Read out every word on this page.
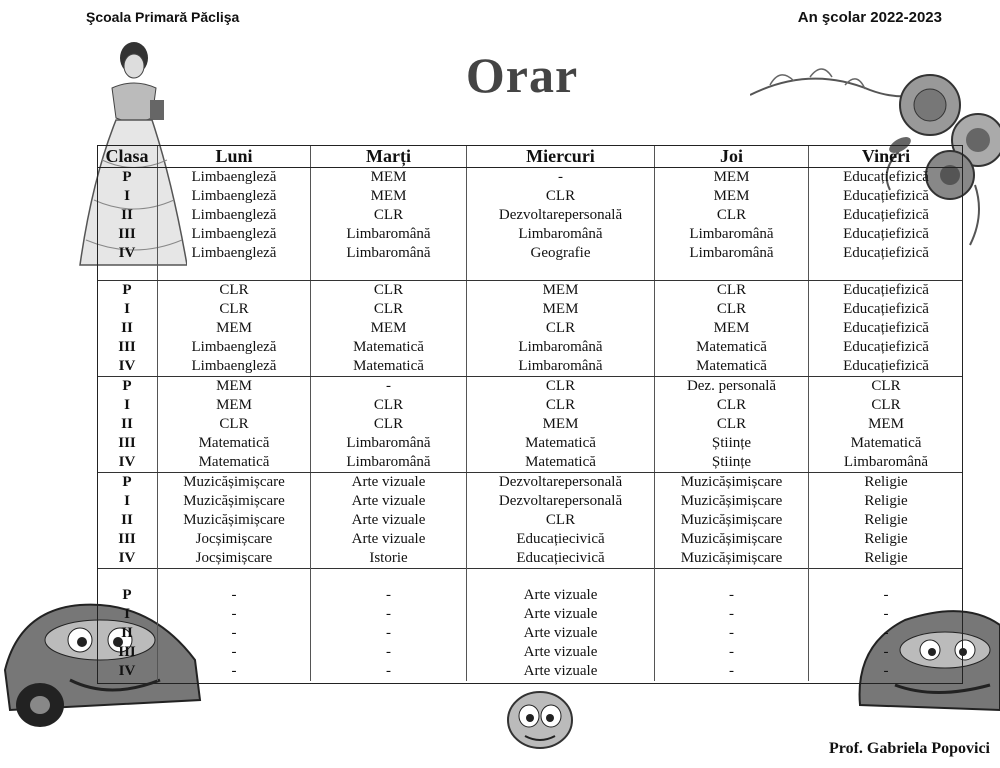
Şcoala Primară Păclişa	An şcolar 2022-2023
Orar
Clasa	Luni	Marți	Miercuri	Joi	Vineri
P	Limbaengleză	MEM	-	MEM	Educațiefizică
I	Limbaengleză	MEM	CLR	MEM	Educațiefizică
II	Limbaengleză	CLR	Dezvoltarepersonală	CLR	Educațiefizică
III	Limbaengleză	Limbaromână	Limbaromână	Limbaromână	Educațiefizică
IV	Limbaengleză	Limbaromână	Geografie	Limbaromână	Educațiefizică

P	CLR	CLR	MEM	CLR	Educațiefizică
I	CLR	CLR	MEM	CLR	Educațiefizică
II	MEM	MEM	CLR	MEM	Educațiefizică
III	Limbaengleză	Matematică	Limbaromână	Matematică	Educațiefizică
IV	Limbaengleză	Matematică	Limbaromână	Matematică	Educațiefizică
P	MEM	-	CLR	Dez. personală	CLR
I	MEM	CLR	CLR	CLR	CLR
II	CLR	CLR	MEM	CLR	MEM
III	Matematică	Limbaromână	Matematică	Științe	Matematică
IV	Matematică	Limbaromână	Matematică	Științe	Limbaromână
P	Muzicășimișcare	Arte vizuale	Dezvoltarepersonală	Muzicășimișcare	Religie
I	Muzicășimișcare	Arte vizuale	Dezvoltarepersonală	Muzicășimișcare	Religie
II	Muzicășimișcare	Arte vizuale	CLR	Muzicășimișcare	Religie
III	Jocșimișcare	Arte vizuale	Educațiecivică	Muzicășimișcare	Religie
IV	Jocșimișcare	Istorie	Educațiecivică	Muzicășimișcare	Religie

P	-	-	Arte vizuale	-	-
I	-	-	Arte vizuale	-	-
II	-	-	Arte vizuale	-	-
III	-	-	Arte vizuale	-	-
IV	-	-	Arte vizuale	-	-
Prof. Gabriela Popovici
